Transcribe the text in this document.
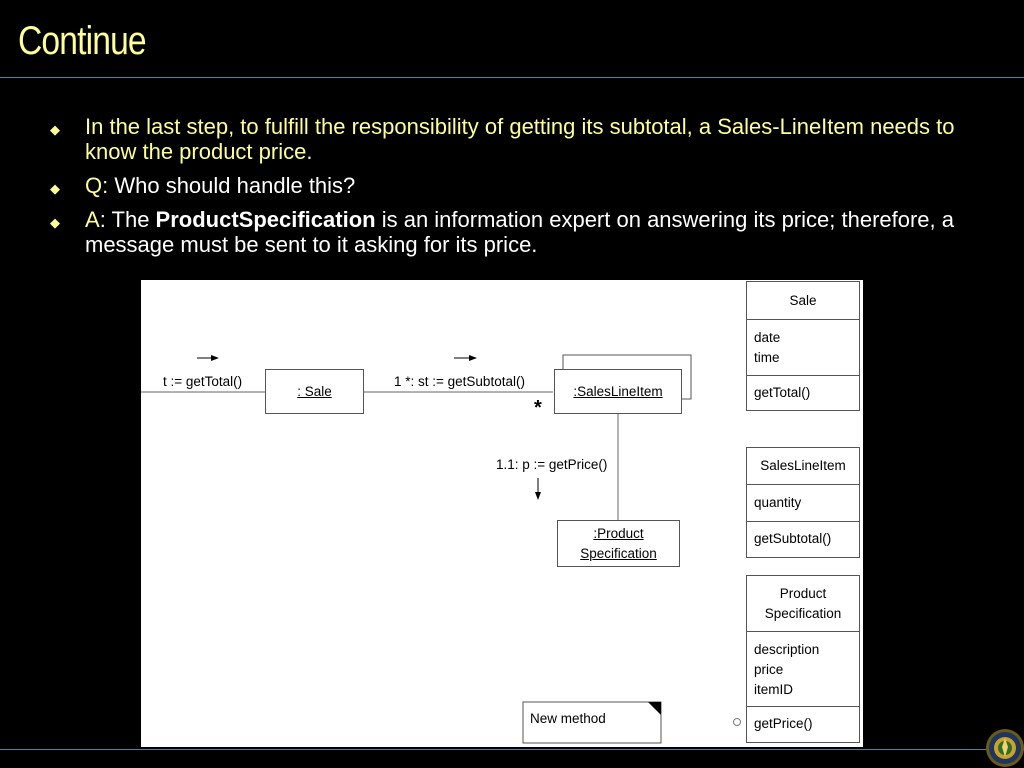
Continue
◆ In the last step, to fulfill the responsibility of getting its subtotal, a Sales-LineItem needs to know the product price.
◆ Q: Who should handle this?
◆ A: The ProductSpecification is an information expert on answering its price; therefore, a message must be sent to it asking for its price.
t := getTotal()	1 *: st := getSubtotal()
1.1: p := getPrice()
: Sale	:SalesLineItem
*
:Product
Specification
New method
Sale
date
time
getTotal()
SalesLineItem
quantity
getSubtotal()
Product
Specification
description
price
itemID
getPrice()
